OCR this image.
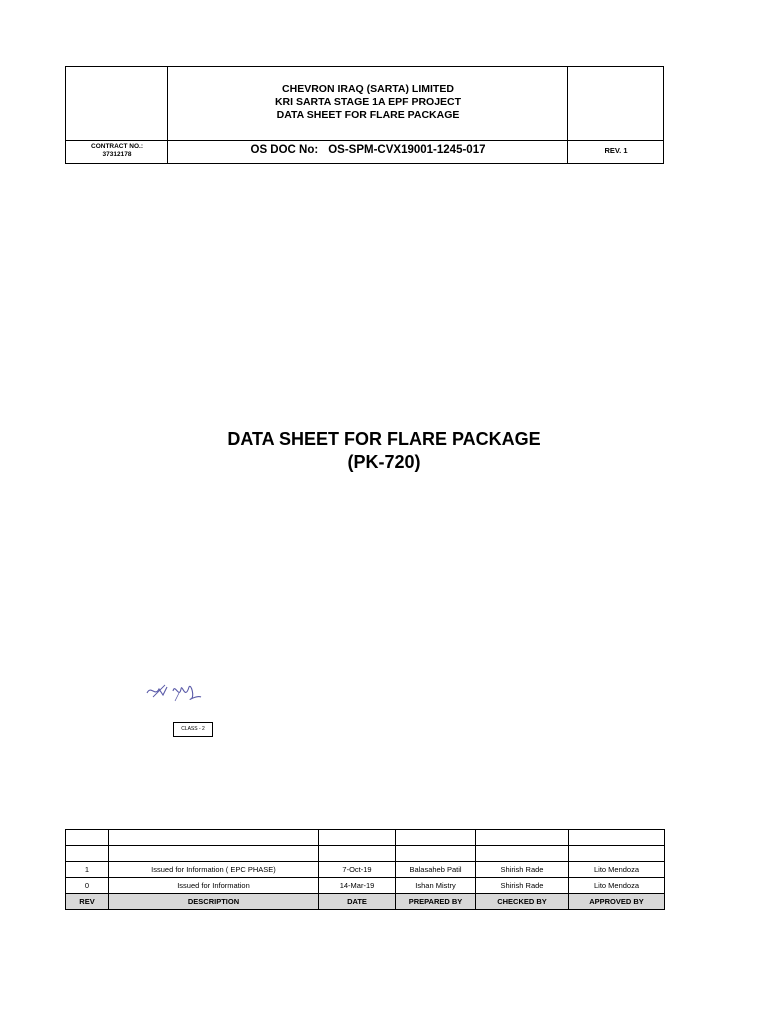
CHEVRON IRAQ (SARTA) LIMITED
KRI SARTA STAGE 1A EPF PROJECT
DATA SHEET FOR FLARE PACKAGE
CONTRACT NO.:
37312178	OS DOC No: OS-SPM-CVX19001-1245-017	REV. 1
DATA SHEET FOR FLARE PACKAGE
(PK-720)
CLASS - 2

1	Issued for Information ( EPC PHASE)	7-Oct-19	Balasaheb Patil	Shirish Rade	Lito Mendoza
0	Issued for Information	14-Mar-19	Ishan Mistry	Shirish Rade	Lito Mendoza
REV	DESCRIPTION	DATE	PREPARED BY	CHECKED BY	APPROVED BY
